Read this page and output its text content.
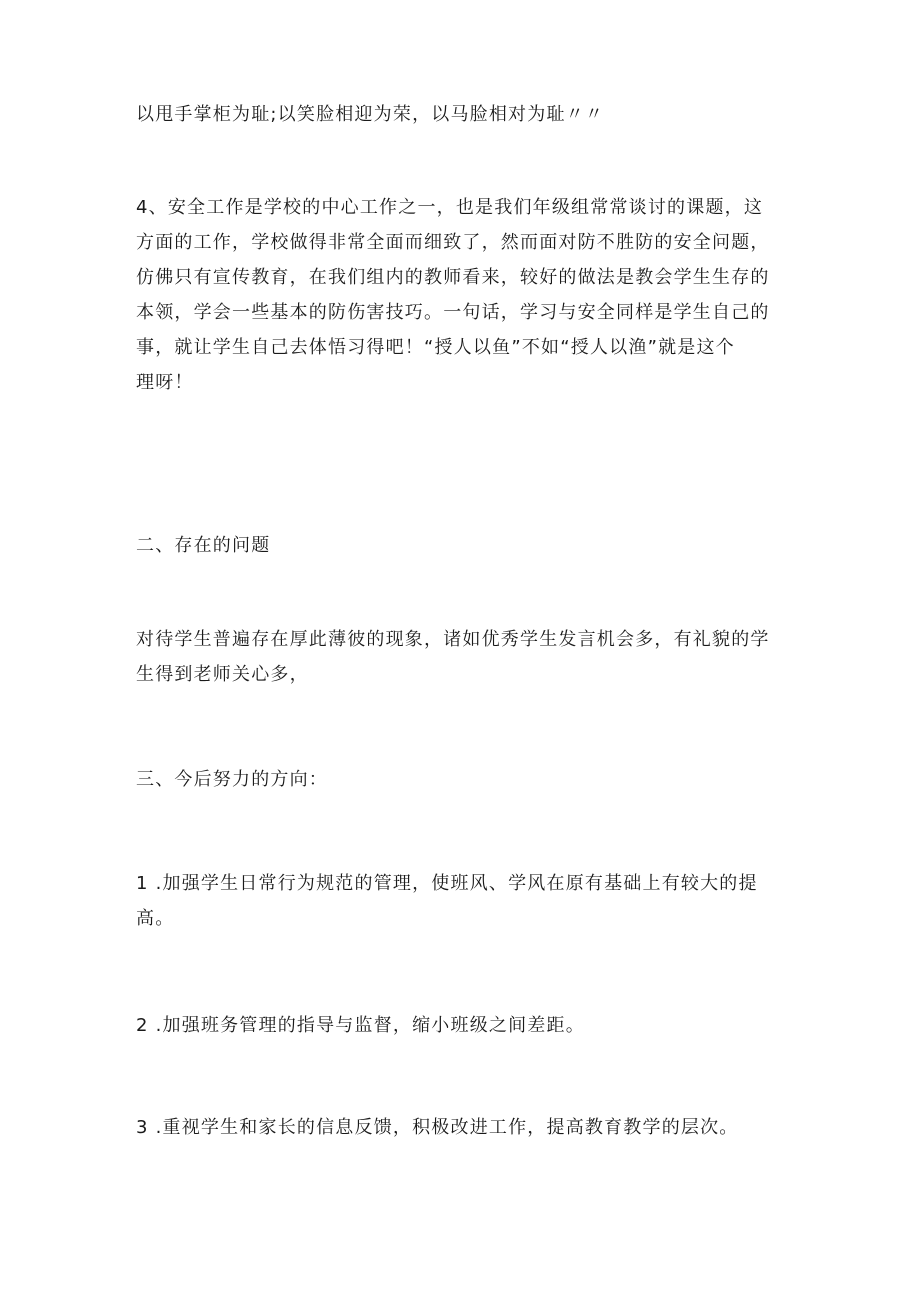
以甩手掌柜为耻;以笑脸相迎为荣，以马脸相对为耻〃〃
4、安全工作是学校的中心工作之一，也是我们年级组常常谈讨的课题，这
方面的工作，学校做得非常全面而细致了，然而面对防不胜防的安全问题，
仿佛只有宣传教育，在我们组内的教师看来，较好的做法是教会学生生存的
本领，学会一些基本的防伤害技巧。一句话，学习与安全同样是学生自己的
事，就让学生自己去体悟习得吧！“授人以鱼”不如“授人以渔”就是这个
理呀！
二、存在的问题
对待学生普遍存在厚此薄彼的现象，诸如优秀学生发言机会多，有礼貌的学
生得到老师关心多，
三、今后努力的方向：
1 .加强学生日常行为规范的管理，使班风、学风在原有基础上有较大的提
高。
2 .加强班务管理的指导与监督，缩小班级之间差距。
3 .重视学生和家长的信息反馈，积极改进工作，提高教育教学的层次。
